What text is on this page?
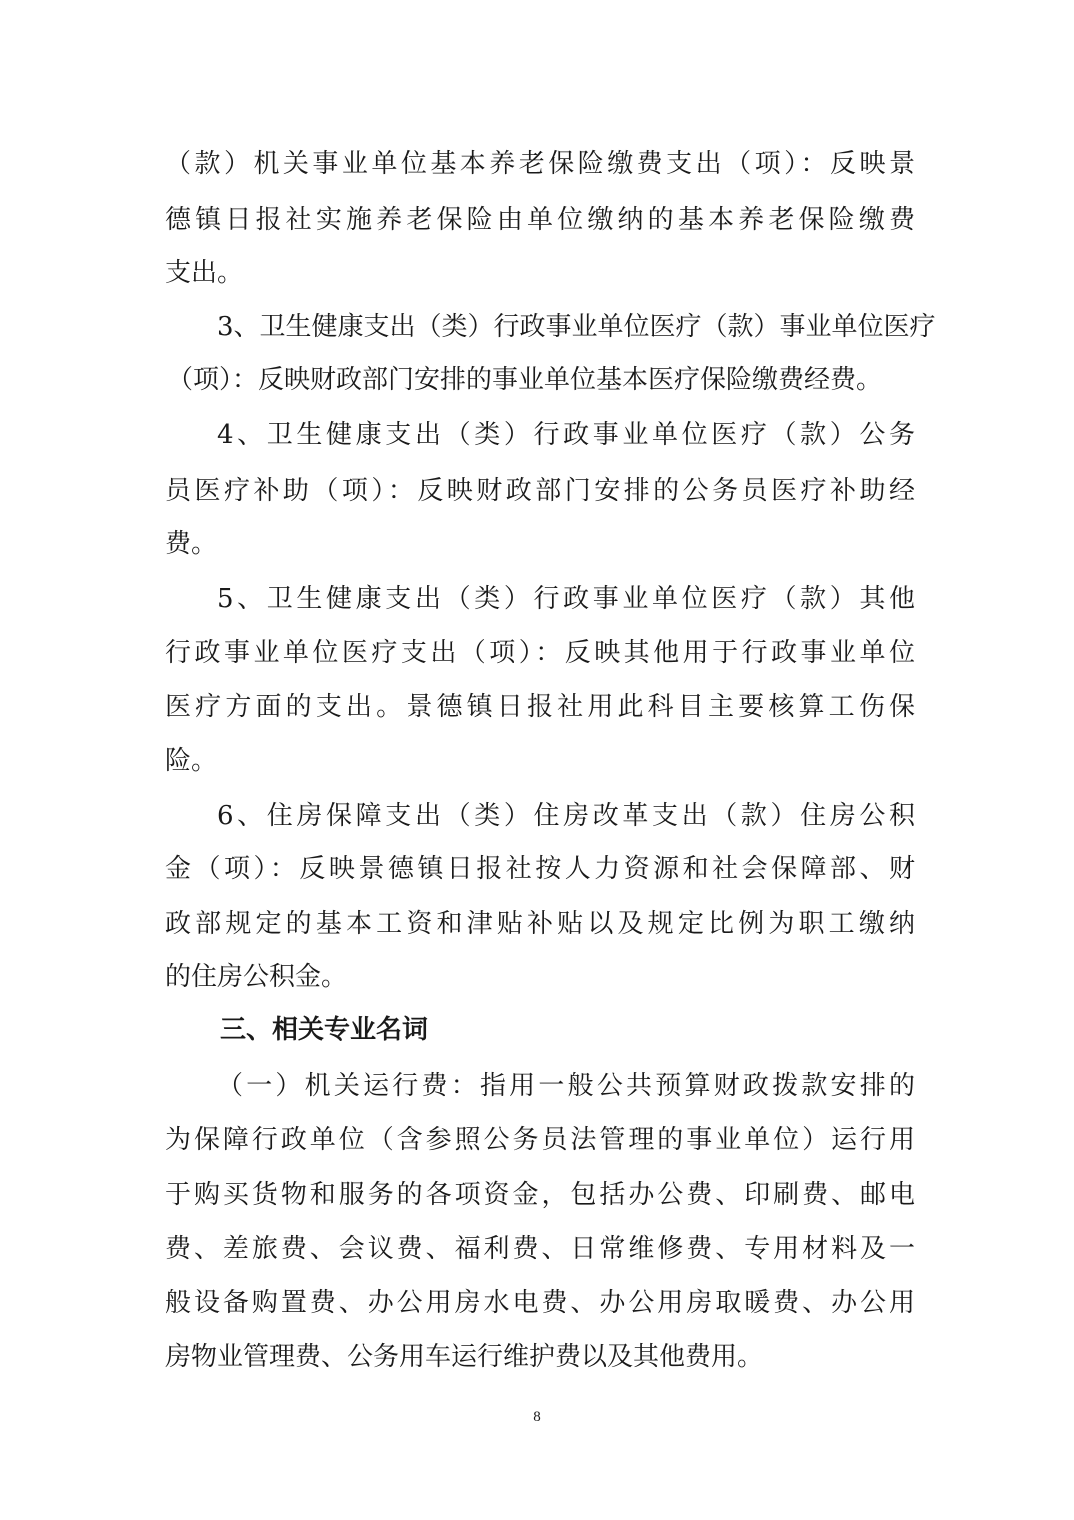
（款）机关事业单位基本养老保险缴费支出（项）：反映景
德镇日报社实施养老保险由单位缴纳的基本养老保险缴费
支出。
3、卫生健康支出（类）行政事业单位医疗（款）事业单位医疗
（项）：反映财政部门安排的事业单位基本医疗保险缴费经费。
4、卫生健康支出（类）行政事业单位医疗（款）公务
员医疗补助（项）：反映财政部门安排的公务员医疗补助经
费。
5、卫生健康支出（类）行政事业单位医疗（款）其他
行政事业单位医疗支出（项）：反映其他用于行政事业单位
医疗方面的支出。景德镇日报社用此科目主要核算工伤保
险。
6、住房保障支出（类）住房改革支出（款）住房公积
金（项）：反映景德镇日报社按人力资源和社会保障部、财
政部规定的基本工资和津贴补贴以及规定比例为职工缴纳
的住房公积金。
三、相关专业名词
（一）机关运行费：指用一般公共预算财政拨款安排的
为保障行政单位（含参照公务员法管理的事业单位）运行用
于购买货物和服务的各项资金，包括办公费、印刷费、邮电
费、差旅费、会议费、福利费、日常维修费、专用材料及一
般设备购置费、办公用房水电费、办公用房取暖费、办公用
房物业管理费、公务用车运行维护费以及其他费用。
8
